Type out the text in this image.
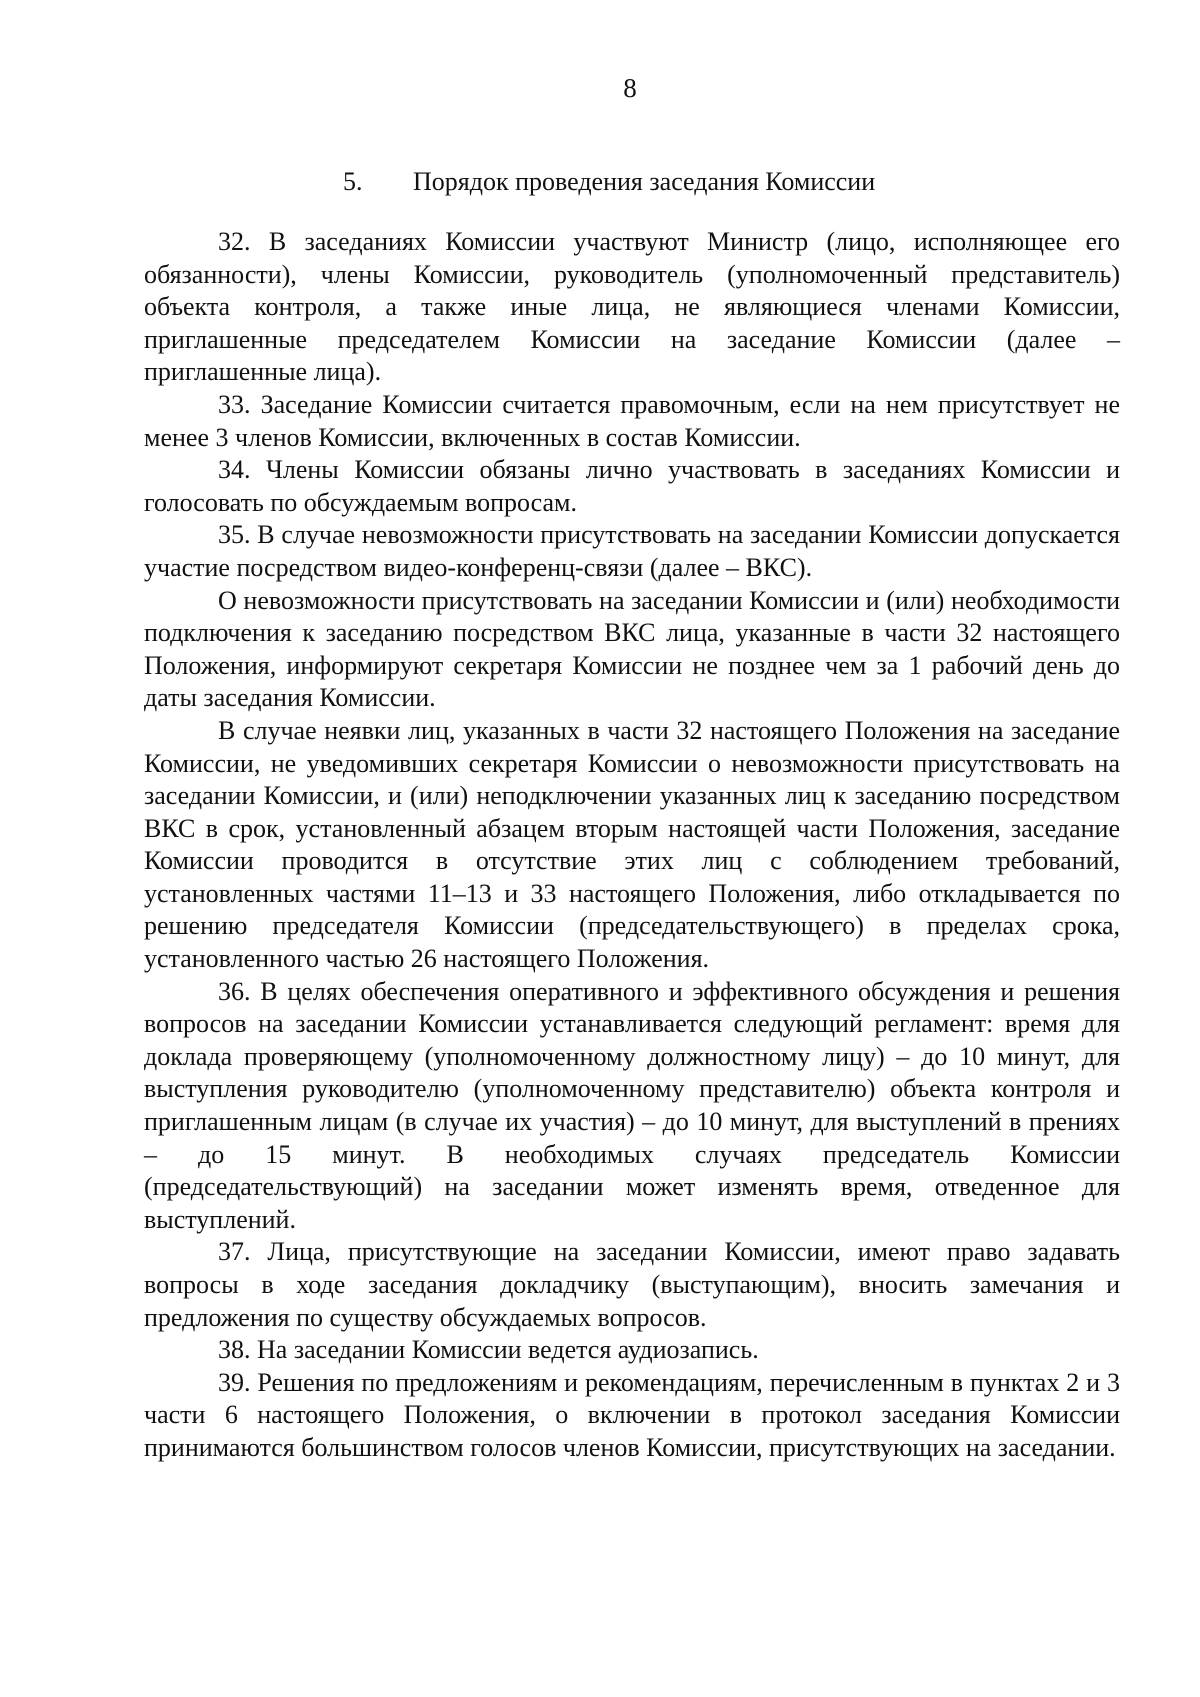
8
5. Порядок проведения заседания Комиссии

32. В заседаниях Комиссии участвуют Министр (лицо, исполняющее его обязанности), члены Комиссии, руководитель (уполномоченный представитель) объекта контроля, а также иные лица, не являющиеся членами Комиссии, приглашенные председателем Комиссии на заседание Комиссии (далее – приглашенные лица).

33. Заседание Комиссии считается правомочным, если на нем присутствует не менее 3 членов Комиссии, включенных в состав Комиссии.

34. Члены Комиссии обязаны лично участвовать в заседаниях Комиссии и голосовать по обсуждаемым вопросам.

35. В случае невозможности присутствовать на заседании Комиссии допускается участие посредством видео-конференц-связи (далее – ВКС).

О невозможности присутствовать на заседании Комиссии и (или) необходимости подключения к заседанию посредством ВКС лица, указанные в части 32 настоящего Положения, информируют секретаря Комиссии не позднее чем за 1 рабочий день до даты заседания Комиссии.

В случае неявки лиц, указанных в части 32 настоящего Положения на заседание Комиссии, не уведомивших секретаря Комиссии о невозможности присутствовать на заседании Комиссии, и (или) неподключении указанных лиц к заседанию посредством ВКС в срок, установленный абзацем вторым настоящей части Положения, заседание Комиссии проводится в отсутствие этих лиц с соблюдением требований, установленных частями 11–13 и 33 настоящего Положения, либо откладывается по решению председателя Комиссии (председательствующего) в пределах срока, установленного частью 26 настоящего Положения.

36. В целях обеспечения оперативного и эффективного обсуждения и решения вопросов на заседании Комиссии устанавливается следующий регламент: время для доклада проверяющему (уполномоченному должностному лицу) – до 10 минут, для выступления руководителю (уполномоченному представителю) объекта контроля и приглашенным лицам (в случае их участия) – до 10 минут, для выступлений в прениях – до 15 минут. В необходимых случаях председатель Комиссии (председательствующий) на заседании может изменять время, отведенное для выступлений.

37. Лица, присутствующие на заседании Комиссии, имеют право задавать вопросы в ходе заседания докладчику (выступающим), вносить замечания и предложения по существу обсуждаемых вопросов.

38. На заседании Комиссии ведется аудиозапись.

39. Решения по предложениям и рекомендациям, перечисленным в пунктах 2 и 3 части 6 настоящего Положения, о включении в протокол заседания Комиссии принимаются большинством голосов членов Комиссии, присутствующих на заседании.
